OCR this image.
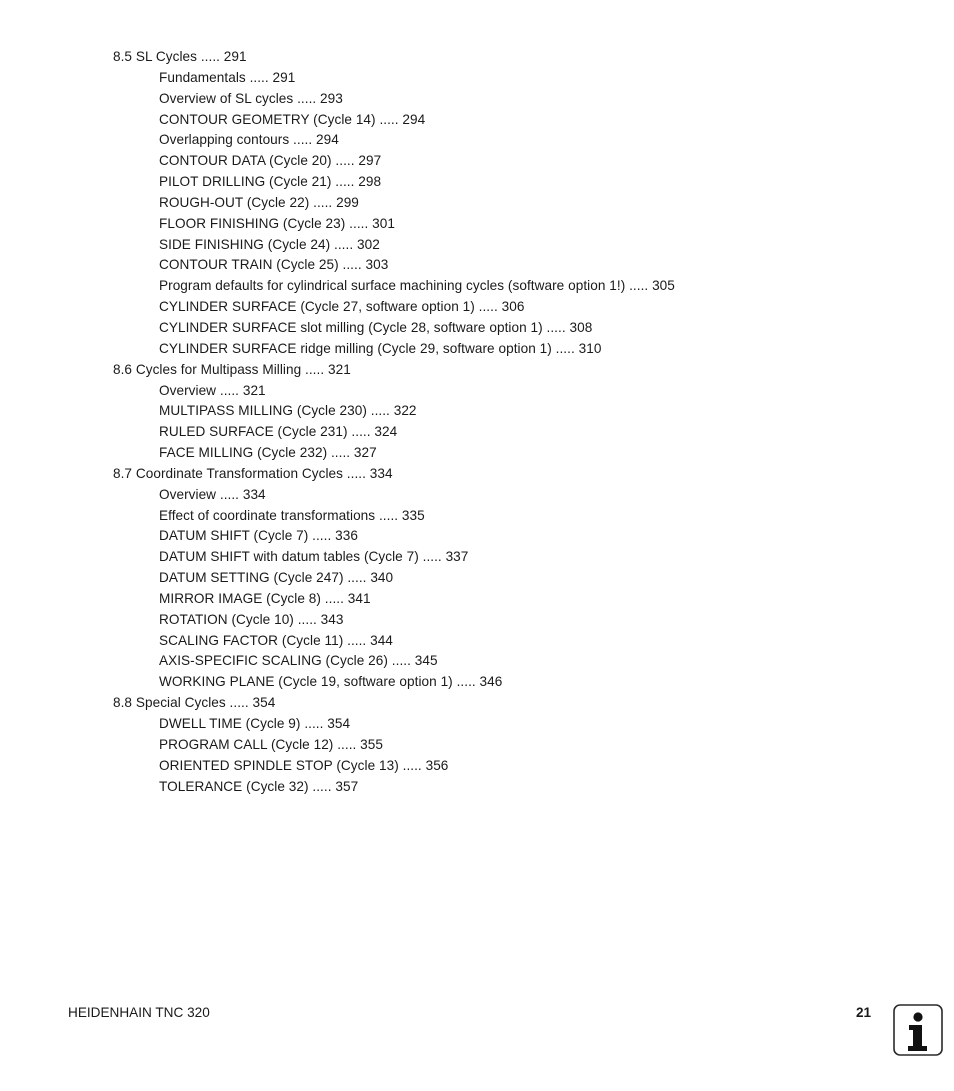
8.5 SL Cycles ..... 291
Fundamentals ..... 291
Overview of SL cycles ..... 293
CONTOUR GEOMETRY (Cycle 14) ..... 294
Overlapping contours ..... 294
CONTOUR DATA (Cycle 20) ..... 297
PILOT DRILLING (Cycle 21) ..... 298
ROUGH-OUT (Cycle 22) ..... 299
FLOOR FINISHING (Cycle 23) ..... 301
SIDE FINISHING (Cycle 24) ..... 302
CONTOUR TRAIN (Cycle 25) ..... 303
Program defaults for cylindrical surface machining cycles (software option 1!) ..... 305
CYLINDER SURFACE (Cycle 27, software option 1) ..... 306
CYLINDER SURFACE slot milling (Cycle 28, software option 1) ..... 308
CYLINDER SURFACE ridge milling (Cycle 29, software option 1) ..... 310
8.6 Cycles for Multipass Milling ..... 321
Overview ..... 321
MULTIPASS MILLING (Cycle 230) ..... 322
RULED SURFACE (Cycle 231) ..... 324
FACE MILLING (Cycle 232) ..... 327
8.7 Coordinate Transformation Cycles ..... 334
Overview ..... 334
Effect of coordinate transformations ..... 335
DATUM SHIFT (Cycle 7) ..... 336
DATUM SHIFT with datum tables (Cycle 7) ..... 337
DATUM SETTING (Cycle 247) ..... 340
MIRROR IMAGE (Cycle 8) ..... 341
ROTATION (Cycle 10) ..... 343
SCALING FACTOR (Cycle 11) ..... 344
AXIS-SPECIFIC SCALING (Cycle 26) ..... 345
WORKING PLANE (Cycle 19, software option 1) ..... 346
8.8 Special Cycles ..... 354
DWELL TIME (Cycle 9) ..... 354
PROGRAM CALL (Cycle 12) ..... 355
ORIENTED SPINDLE STOP (Cycle 13) ..... 356
TOLERANCE (Cycle 32) ..... 357
HEIDENHAIN TNC 320	21
